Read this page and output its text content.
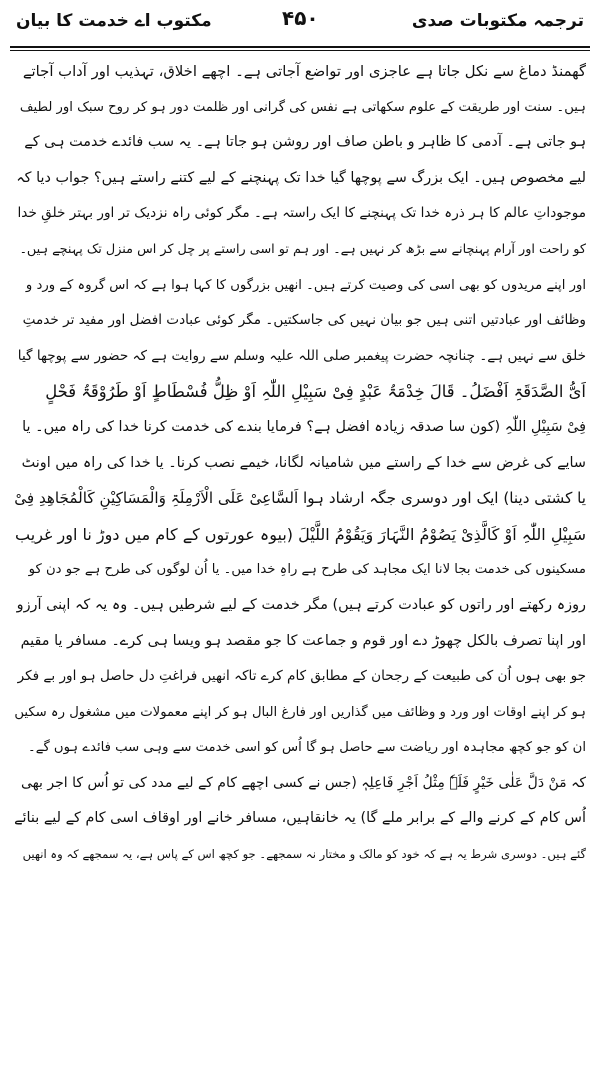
مکتوب اے خدمت کا بیان	۴۵۰	ترجمہ مکتوبات صدی
گھمنڈ دماغ سے نکل جاتا ہے عاجزی اور تواضع آجاتی ہے۔ اچھے اخلاق، تہذیب اور آداب آجاتے
ہیں۔ سنت اور طریقت کے علوم سکھاتی ہے نفس کی گرانی اور ظلمت دور ہو کر روح سبک اور لطیف
ہو جاتی ہے۔ آدمی کا ظاہر و باطن صاف اور روشن ہو جاتا ہے۔ یہ سب فائدے خدمت ہی کے
لیے مخصوص ہیں۔ ایک بزرگ سے پوچھا گیا خدا تک پہنچنے کے لیے کتنے راستے ہیں؟ جواب دیا کہ
موجوداتِ عالم کا ہر ذرہ خدا تک پہنچنے کا ایک راستہ ہے۔ مگر کوئی راہ نزدیک تر اور بہتر خلقِ خدا
کو راحت اور آرام پہنچانے سے بڑھ کر نہیں ہے۔ اور ہم تو اسی راستے پر چل کر اس منزل تک پہنچے ہیں۔
اور اپنے مریدوں کو بھی اسی کی وصیت کرتے ہیں۔ انھیں بزرگوں کا کہا ہوا ہے کہ اس گروہ کے ورد و
وظائف اور عبادتیں اتنی ہیں جو بیان نہیں کی جاسکتیں۔ مگر کوئی عبادت افضل اور مفید تر خدمتِ
خلق سے نہیں ہے۔ چنانچہ حضرت پیغمبر صلی اللہ علیہ وسلم سے روایت ہے کہ حضور سے پوچھا گیا
اَیُّ الصَّدَقَۃِ اَفْضَلُ۔ قَالَ خِدْمَۃُ عَبْدٍ فِیْ سَبِیْلِ اللّٰہِ اَوْ ظِلُّ فُسْطَاطٍ اَوْ طَرُوْقَۃُ فَحْلٍ
فِیْ سَبِیْلِ اللّٰہِ (کون سا صدقہ زیادہ افضل ہے؟ فرمایا بندے کی خدمت کرنا خدا کی راہ میں۔ یا
سایے کی غرض سے خدا کے راستے میں شامیانہ لگانا، خیمے نصب کرنا۔ یا خدا کی راہ میں اونٹ
یا کشتی دینا) ایک اور دوسری جگہ ارشاد ہوا اَلسَّاعِیْ عَلَی الْاَرْمِلَۃِ وَالْمَسَاکِیْنِ کَالْمُجَاھِدِ فِیْ
سَبِیْلِ اللّٰہِ اَوْ کَالَّذِیْ یَصُوْمُ النَّہَارَ وَیَقُوْمُ اللَّیْلَ (بیوہ عورتوں کے کام میں دوڑ نا اور غریب
مسکینوں کی خدمت بجا لانا ایک مجاہد کی طرح ہے راہِ خدا میں۔ یا اُن لوگوں کی طرح ہے جو دن کو
روزہ رکھتے اور راتوں کو عبادت کرتے ہیں) مگر خدمت کے لیے شرطیں ہیں۔ وہ یہ کہ اپنی آرزو
اور اپنا تصرف بالکل چھوڑ دے اور قوم و جماعت کا جو مقصد ہو ویسا ہی کرے۔ مسافر یا مقیم
جو بھی ہوں اُن کی طبیعت کے رجحان کے مطابق کام کرے تاکہ انھیں فراغتِ دل حاصل ہو اور بے فکر
ہو کر اپنے اوقات اور ورد و وظائف میں گذاریں اور فارغ البال ہو کر اپنے معمولات میں مشغول رہ سکیں
ان کو جو کچھ مجاہدہ اور ریاضت سے حاصل ہو گا اُس کو اسی خدمت سے وہی سب فائدے ہوں گے۔
کہ مَنْ دَلَّ عَلٰی خَیْرٍ فَلَہٗ مِثْلُ اَجْرِ فَاعِلِہٖ (جس نے کسی اچھے کام کے لیے مدد کی تو اُس کا اجر بھی
اُس کام کے کرنے والے کے برابر ملے گا) یہ خانقاہیں، مسافر خانے اور اوقاف اسی کام کے لیے بنائے
گئے ہیں۔ دوسری شرط یہ ہے کہ خود کو مالک و مختار نہ سمجھے۔ جو کچھ اس کے پاس ہے، یہ سمجھے کہ وہ انھیں
